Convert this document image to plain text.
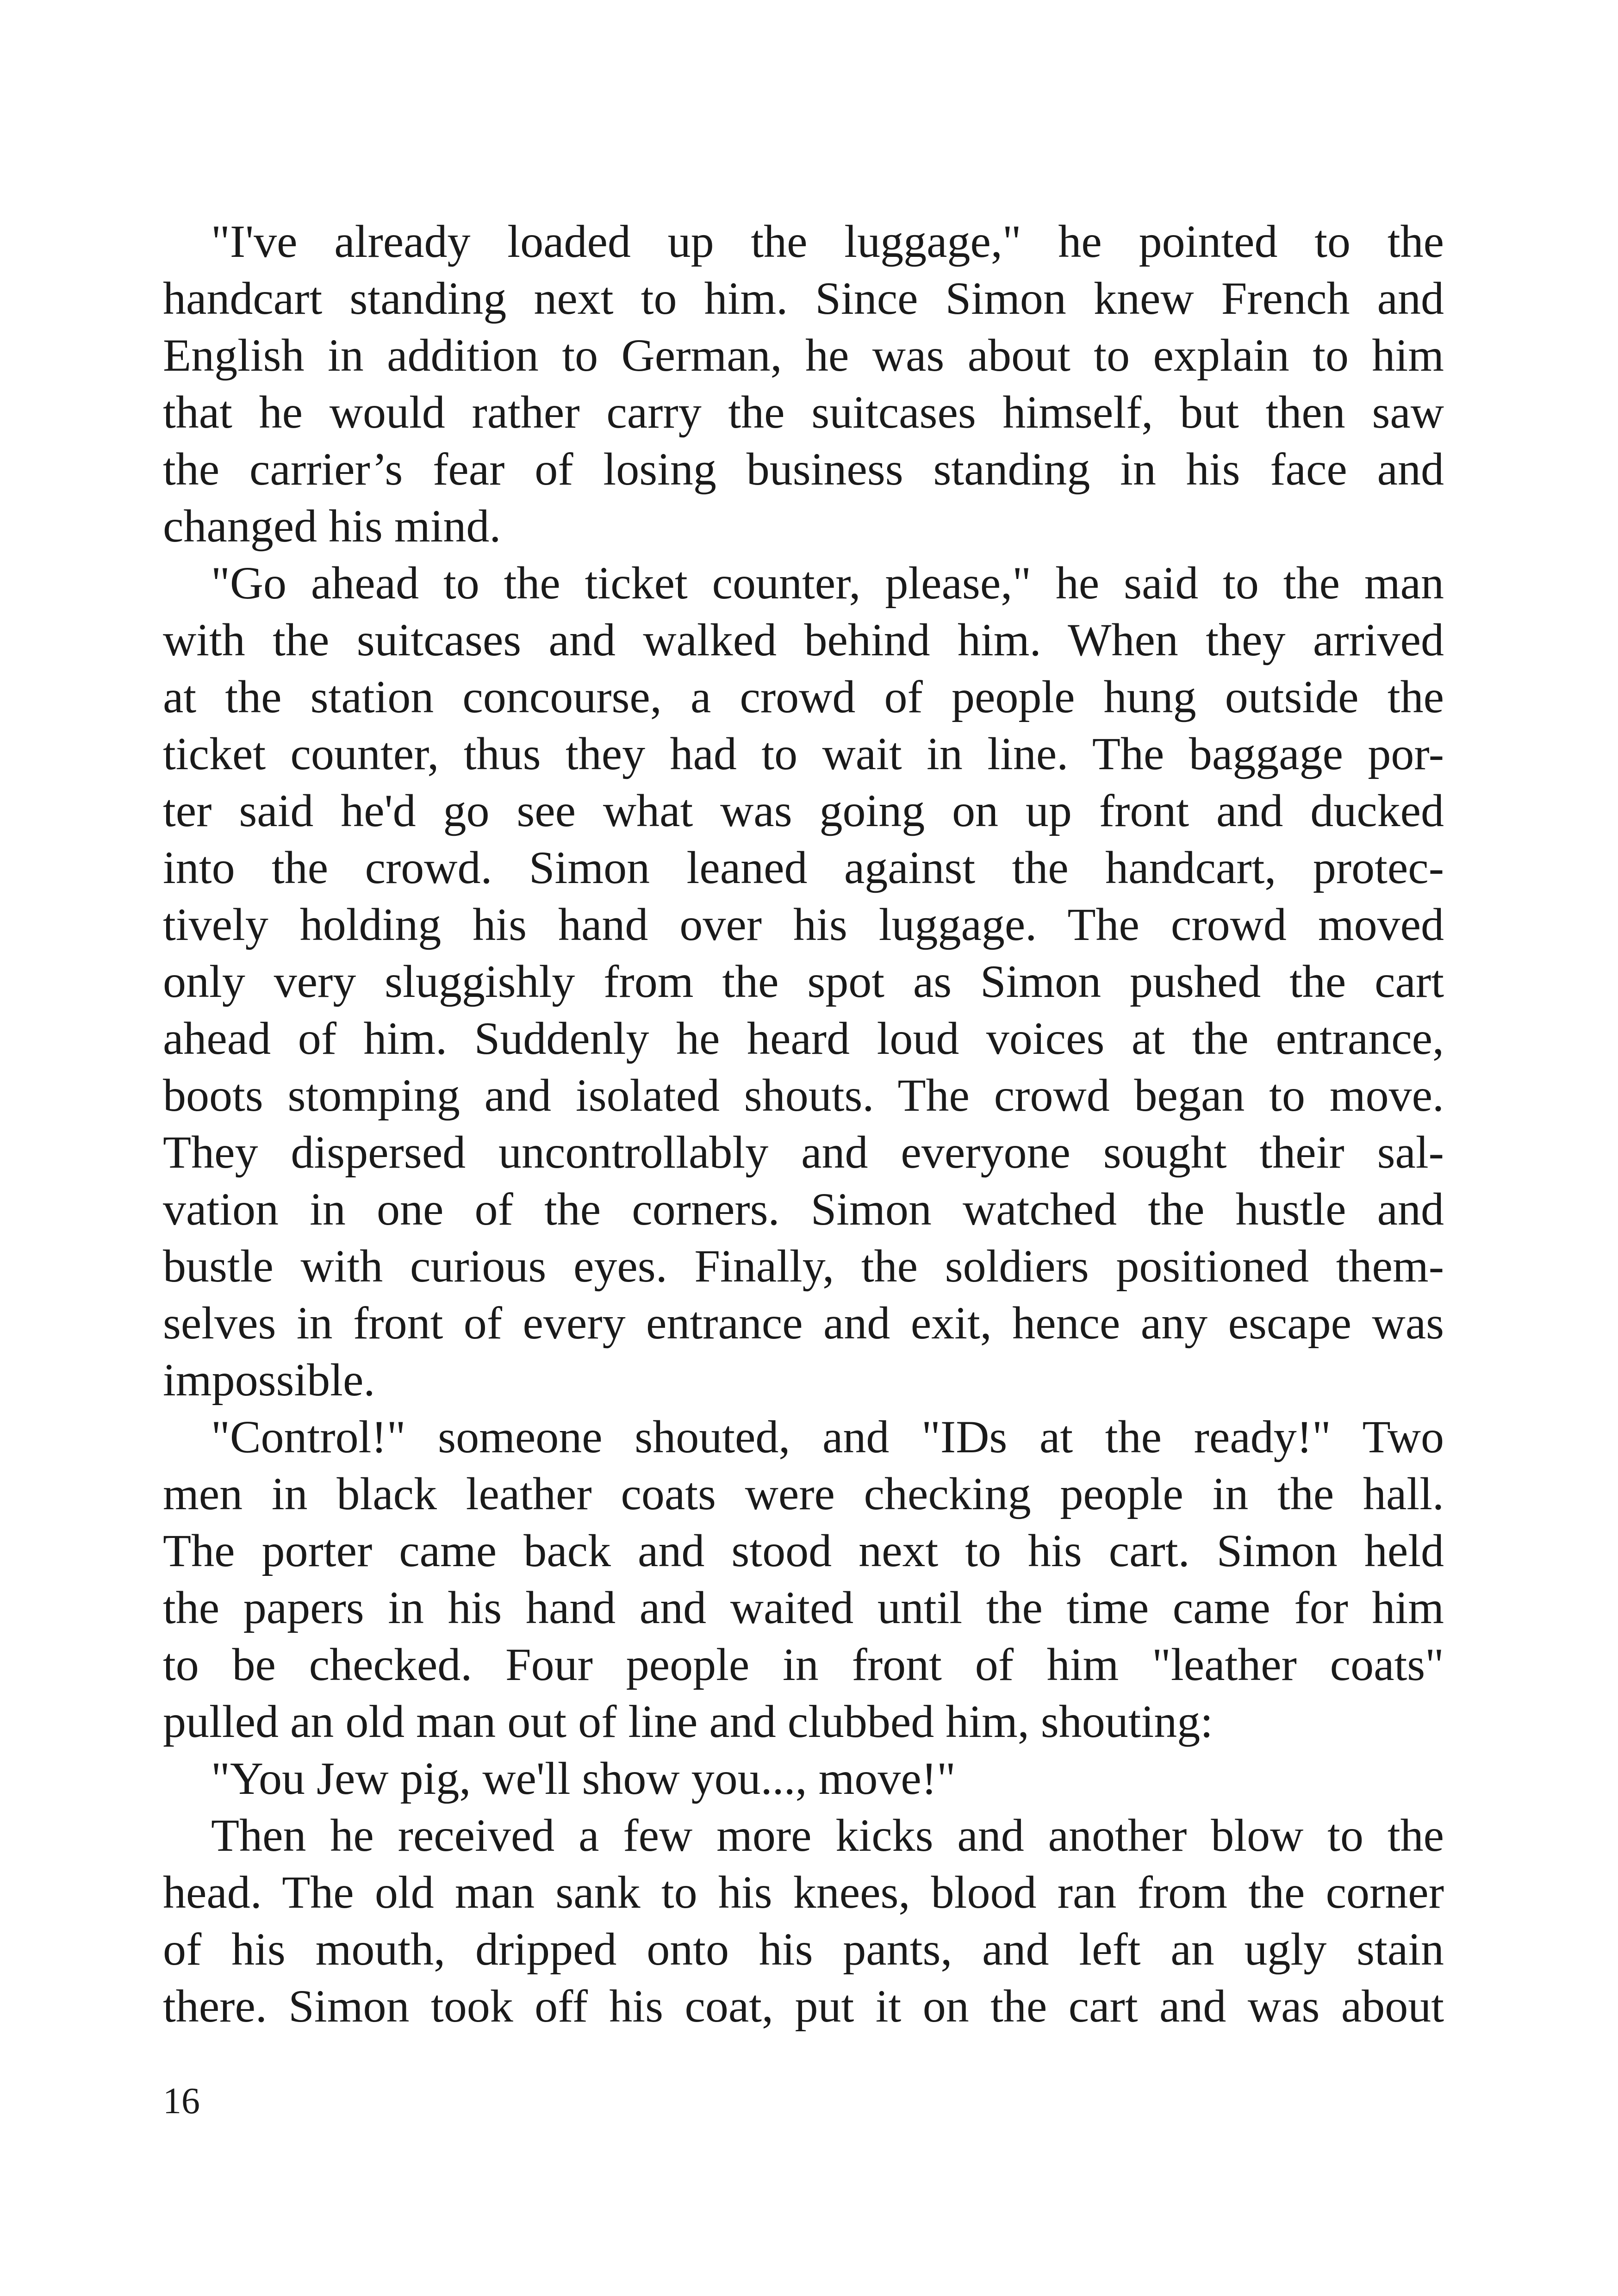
"I've already loaded up the luggage," he pointed to the
handcart standing next to him. Since Simon knew French and
English in addition to German, he was about to explain to him
that he would rather carry the suitcases himself, but then saw
the carrier’s fear of losing business standing in his face and
changed his mind.
"Go ahead to the ticket counter, please," he said to the man
with the suitcases and walked behind him. When they arrived
at the station concourse, a crowd of people hung outside the
ticket counter, thus they had to wait in line. The baggage por-
ter said he'd go see what was going on up front and ducked
into the crowd. Simon leaned against the handcart, protec-
tively holding his hand over his luggage. The crowd moved
only very sluggishly from the spot as Simon pushed the cart
ahead of him. Suddenly he heard loud voices at the entrance,
boots stomping and isolated shouts. The crowd began to move.
They dispersed uncontrollably and everyone sought their sal-
vation in one of the corners. Simon watched the hustle and
bustle with curious eyes. Finally, the soldiers positioned them-
selves in front of every entrance and exit, hence any escape was
impossible.
"Control!" someone shouted, and "IDs at the ready!" Two
men in black leather coats were checking people in the hall.
The porter came back and stood next to his cart. Simon held
the papers in his hand and waited until the time came for him
to be checked. Four people in front of him "leather coats"
pulled an old man out of line and clubbed him, shouting:
"You Jew pig, we'll show you..., move!"
Then he received a few more kicks and another blow to the
head. The old man sank to his knees, blood ran from the corner
of his mouth, dripped onto his pants, and left an ugly stain
there. Simon took off his coat, put it on the cart and was about
16
